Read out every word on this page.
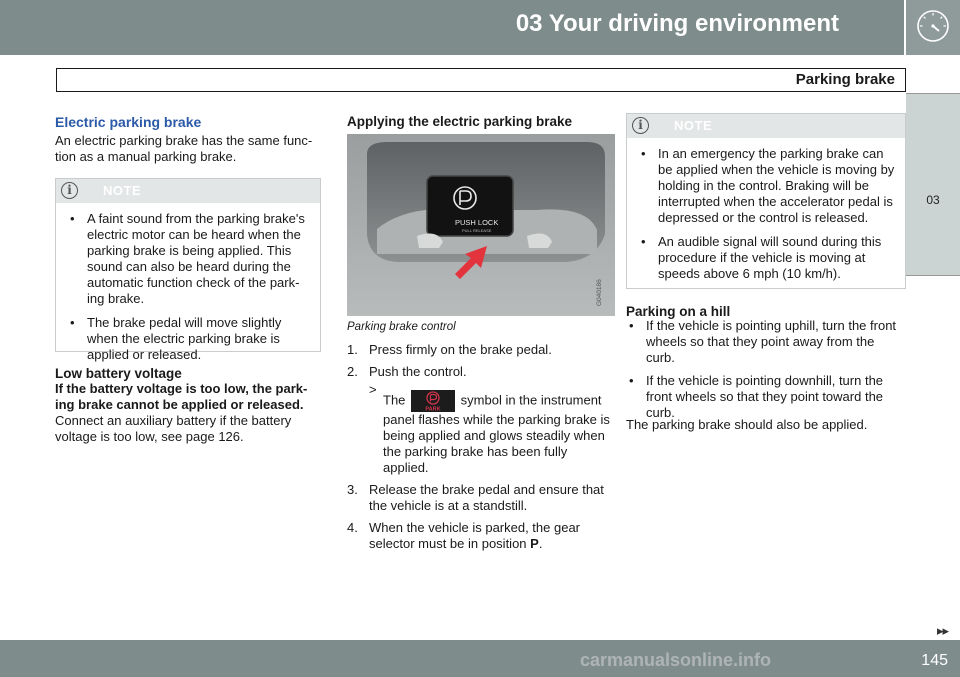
03 Your driving environment
Parking brake
03
Electric parking brake

An electric parking brake has the same func-tion as a manual parking brake.

i	NOTE
• A faint sound from the parking brake's electric motor can be heard when the parking brake is being applied. This sound can also be heard during the automatic function check of the park-ing brake.
• The brake pedal will move slightly when the electric parking brake is applied or released.
Low battery voltage

If the battery voltage is too low, the park-ing brake cannot be applied or released.

Connect an auxiliary battery if the battery voltage is too low, see page 126.

Applying the electric parking brake
PUSH LOCK
PULL RELEASE
G040186
Parking brake control
1. Press firmly on the brake pedal.
2. Push the control.
>
The
PARK
symbol in the instrument panel flashes while the parking brake is being applied and glows steadily when the parking brake has been fully applied.
3. Release the brake pedal and ensure that the vehicle is at a standstill.
4. When the vehicle is parked, the gear selector must be in position P.
i	NOTE
• In an emergency the parking brake can be applied when the vehicle is moving by holding in the control. Braking will be interrupted when the accelerator pedal is depressed or the control is released.
• An audible signal will sound during this procedure if the vehicle is moving at speeds above 6 mph (10 km/h).
Parking on a hill
• If the vehicle is pointing uphill, turn the front wheels so that they point away from the curb.
• If the vehicle is pointing downhill, turn the front wheels so that they point toward the curb.

The parking brake should also be applied.

▸▸
carmanualsonline.info	145
